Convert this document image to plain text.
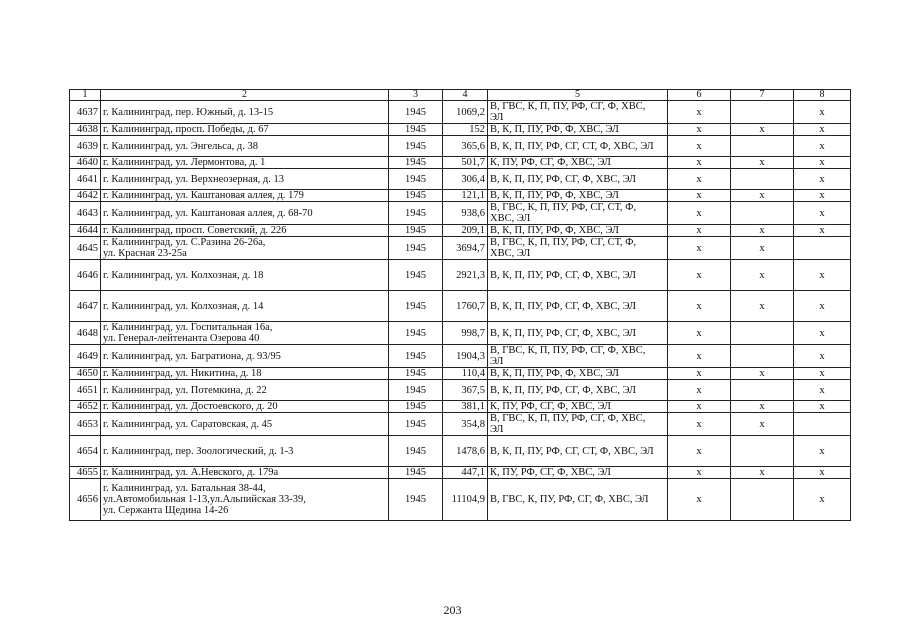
1	2	3	4	5	6	7	8
4637	г. Калининград, пер. Южный, д. 13-15	1945	1069,2	В, ГВС, К, П, ПУ, РФ, СГ, Ф, ХВС,
ЭЛ	x		x
4638	г. Калининград, просп. Победы, д. 67	1945	152	В, К, П, ПУ, РФ, Ф, ХВС, ЭЛ	x	x	x
4639	г. Калининград, ул. Энгельса, д. 38	1945	365,6	В, К, П, ПУ, РФ, СГ, СТ, Ф, ХВС, ЭЛ	x		x
4640	г. Калининград, ул. Лермонтова, д. 1	1945	501,7	К, ПУ, РФ, СГ, Ф, ХВС, ЭЛ	x	x	x
4641	г. Калининград, ул. Верхнеозерная, д. 13	1945	306,4	В, К, П, ПУ, РФ, СГ, Ф, ХВС, ЭЛ	x		x
4642	г. Калининград, ул. Каштановая аллея, д. 179	1945	121,1	В, К, П, ПУ, РФ, Ф, ХВС, ЭЛ	x	x	x
4643	г. Калининград, ул. Каштановая аллея, д. 68-70	1945	938,6	В, ГВС, К, П, ПУ, РФ, СГ, СТ, Ф,
ХВС, ЭЛ	x		x
4644	г. Калининград, просп. Советский, д. 226	1945	209,1	В, К, П, ПУ, РФ, Ф, ХВС, ЭЛ	x	x	x
4645	г. Калининград, ул. С.Разина 26-26а,
ул. Красная 23-25а	1945	3694,7	В, ГВС, К, П, ПУ, РФ, СГ, СТ, Ф,
ХВС, ЭЛ	x	x	
4646	г. Калининград, ул. Колхозная, д. 18	1945	2921,3	В, К, П, ПУ, РФ, СГ, Ф, ХВС, ЭЛ	x	x	x
4647	г. Калининград, ул. Колхозная, д. 14	1945	1760,7	В, К, П, ПУ, РФ, СГ, Ф, ХВС, ЭЛ	x	x	x
4648	г. Калининград, ул. Госпитальная 16а,
ул. Генерал-лейтенанта Озерова 40	1945	998,7	В, К, П, ПУ, РФ, СГ, Ф, ХВС, ЭЛ	x		x
4649	г. Калининград, ул. Багратиона, д. 93/95	1945	1904,3	В, ГВС, К, П, ПУ, РФ, СГ, Ф, ХВС,
ЭЛ	x		x
4650	г. Калининград, ул. Никитина, д. 18	1945	110,4	В, К, П, ПУ, РФ, Ф, ХВС, ЭЛ	x	x	x
4651	г. Калининград, ул. Потемкина, д. 22	1945	367,5	В, К, П, ПУ, РФ, СГ, Ф, ХВС, ЭЛ	x		x
4652	г. Калининград, ул. Достоевского, д. 20	1945	381,1	К, ПУ, РФ, СГ, Ф, ХВС, ЭЛ	x	x	x
4653	г. Калининград, ул. Саратовская, д. 45	1945	354,8	В, ГВС, К, П, ПУ, РФ, СГ, Ф, ХВС,
ЭЛ	x	x	
4654	г. Калининград, пер. Зоологический, д. 1-3	1945	1478,6	В, К, П, ПУ, РФ, СГ, СТ, Ф, ХВС, ЭЛ	x		x
4655	г. Калининград, ул. А.Невского, д. 179а	1945	447,1	К, ПУ, РФ, СГ, Ф, ХВС, ЭЛ	x	x	x
4656	г. Калининград, ул. Батальная 38-44,
ул.Автомобильная 1-13,ул.Альпийская 33-39,
ул. Сержанта Щедина 14-26	1945	11104,9	В, ГВС, К, ПУ, РФ, СГ, Ф, ХВС, ЭЛ	x		x
203
